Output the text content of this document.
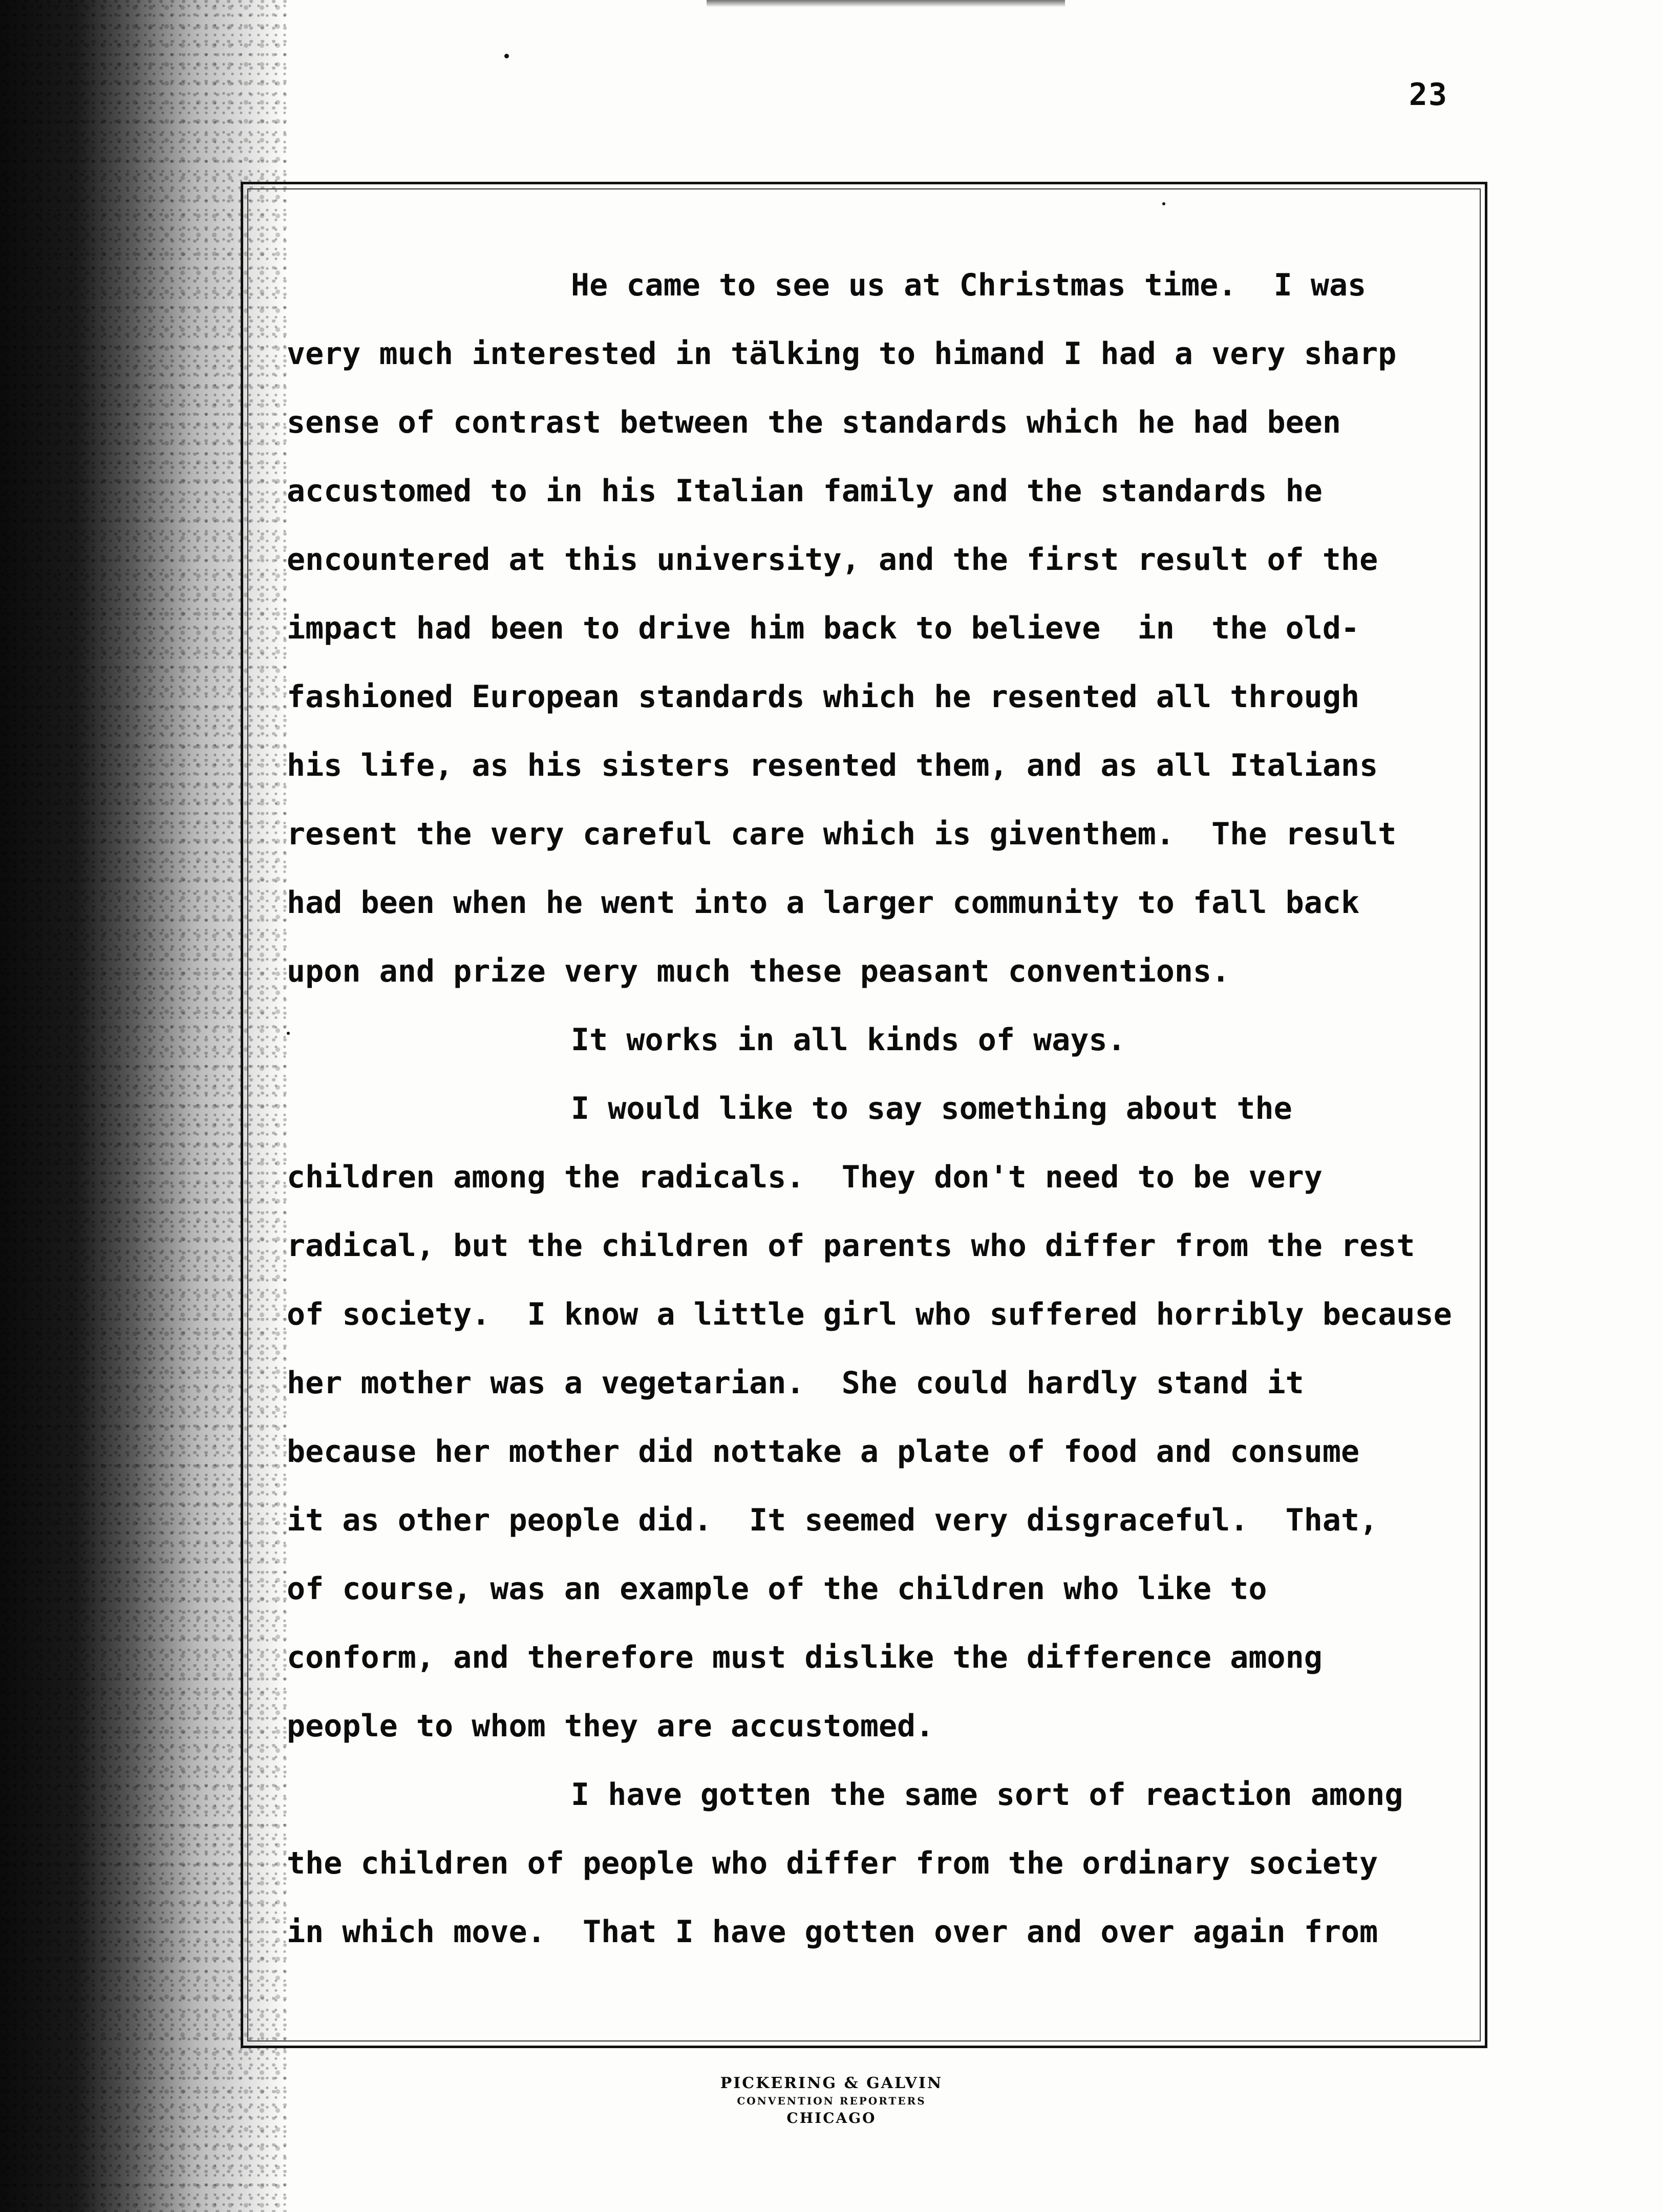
23
He came to see us at Christmas time.  I was
very much interested in tälking to himand I had a very sharp
sense of contrast between the standards which he had been
accustomed to in his Italian family and the standards he
encountered at this university, and the first result of the
impact had been to drive him back to believe  in  the old-
fashioned European standards which he resented all through
his life, as his sisters resented them, and as all Italians
resent the very careful care which is giventhem.  The result
had been when he went into a larger community to fall back
upon and prize very much these peasant conventions.
It works in all kinds of ways.
I would like to say something about the
children among the radicals.  They don't need to be very
radical, but the children of parents who differ from the rest
of society.  I know a little girl who suffered horribly because
her mother was a vegetarian.  She could hardly stand it
because her mother did nottake a plate of food and consume
it as other people did.  It seemed very disgraceful.  That,
of course, was an example of the children who like to
conform, and therefore must dislike the difference among
people to whom they are accustomed.
I have gotten the same sort of reaction among
the children of people who differ from the ordinary society
in which move.  That I have gotten over and over again from
PICKERING & GALVIN
CONVENTION REPORTERS
CHICAGO
